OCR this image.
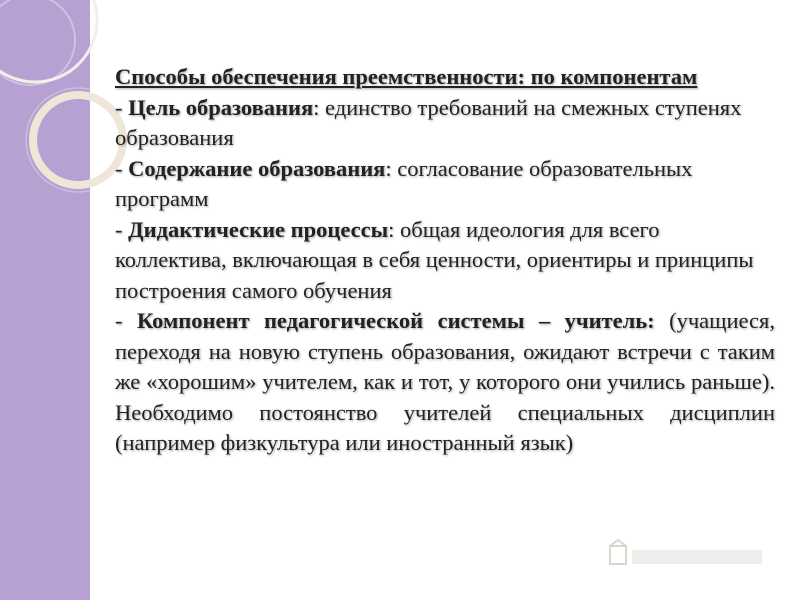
Способы обеспечения преемственности: по компонентам

- Цель образования: единство требований на смежных ступенях образования

- Содержание образования: согласование образовательных программ

- Дидактические процессы: общая идеология для всего коллектива, включающая в себя ценности, ориентиры и принципы построения самого обучения

- Компонент педагогической системы – учитель: (учащиеся, переходя на новую ступень образования, ожидают встречи с таким же «хорошим» учителем, как и тот, у которого они учились раньше). Необходимо постоянство учителей специальных дисциплин (например физкультура или иностранный язык)
